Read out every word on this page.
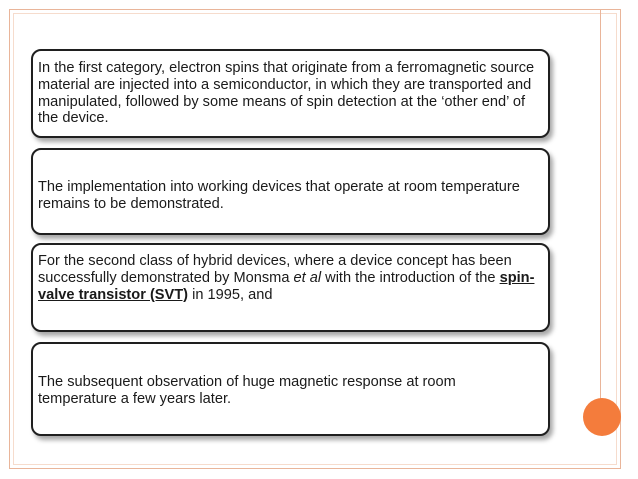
In the first category, electron spins that originate from a ferromagnetic source material are injected into a semiconductor, in which they are transported and manipulated, followed by some means of spin detection at the ‘other end’ of the device.
The implementation into working devices that operate at room temperature remains to be demonstrated.
For the second class of hybrid devices, where a device concept has been successfully demonstrated by Monsma et al with the introduction of the spin-valve transistor (SVT) in 1995, and
The subsequent observation of huge magnetic response at room temperature a few years later.
